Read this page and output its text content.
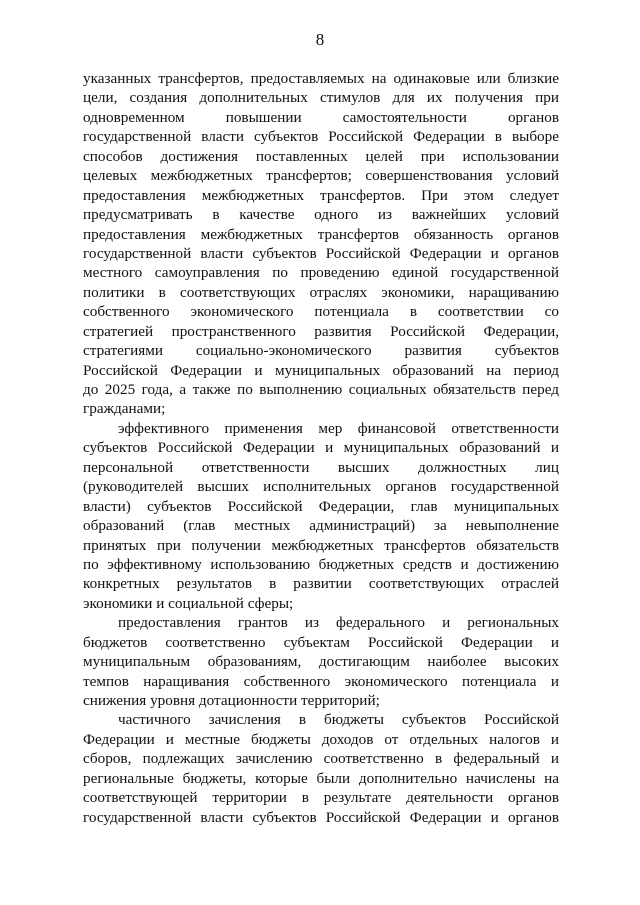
8
указанных трансфертов, предоставляемых на одинаковые или близкие
цели, создания дополнительных стимулов для их получения при
одновременном повышении самостоятельности органов
государственной власти субъектов Российской Федерации в выборе
способов достижения поставленных целей при использовании
целевых межбюджетных трансфертов; совершенствования условий
предоставления межбюджетных трансфертов. При этом следует
предусматривать в качестве одного из важнейших условий
предоставления межбюджетных трансфертов обязанность органов
государственной власти субъектов Российской Федерации и органов
местного самоуправления по проведению единой государственной
политики в соответствующих отраслях экономики, наращиванию
собственного экономического потенциала в соответствии со
стратегией пространственного развития Российской Федерации,
стратегиями социально-экономического развития субъектов
Российской Федерации и муниципальных образований на период
до 2025 года, а также по выполнению социальных обязательств перед
гражданами;
эффективного применения мер финансовой ответственности
субъектов Российской Федерации и муниципальных образований и
персональной ответственности высших должностных лиц
(руководителей высших исполнительных органов государственной
власти) субъектов Российской Федерации, глав муниципальных
образований (глав местных администраций) за невыполнение
принятых при получении межбюджетных трансфертов обязательств
по эффективному использованию бюджетных средств и достижению
конкретных результатов в развитии соответствующих отраслей
экономики и социальной сферы;
предоставления грантов из федерального и региональных
бюджетов соответственно субъектам Российской Федерации и
муниципальным образованиям, достигающим наиболее высоких
темпов наращивания собственного экономического потенциала и
снижения уровня дотационности территорий;
частичного зачисления в бюджеты субъектов Российской
Федерации и местные бюджеты доходов от отдельных налогов и
сборов, подлежащих зачислению соответственно в федеральный и
региональные бюджеты, которые были дополнительно начислены на
соответствующей территории в результате деятельности органов
государственной власти субъектов Российской Федерации и органов
